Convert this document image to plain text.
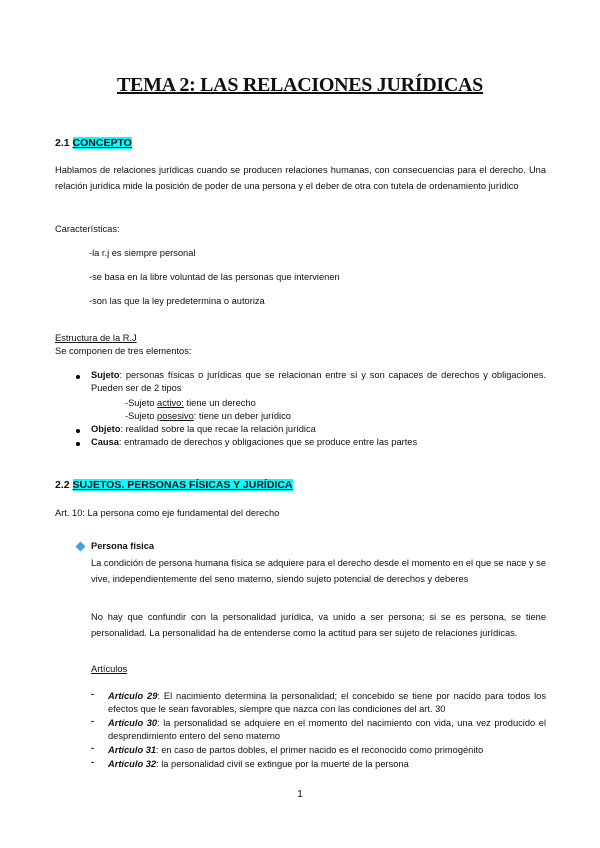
TEMA 2: LAS RELACIONES JURÍDICAS
2.1 CONCEPTO
Hablamos de relaciones jurídicas cuando se producen relaciones humanas, con consecuencias para el derecho. Una relación jurídica mide la posición de poder de una persona y el deber de otra con tutela de ordenamiento jurídico
Características:
-la r.j es siempre personal
-se basa en la libre voluntad de las personas que intervienen
-son las que la ley predetermina o autoriza
Estructura de la R.J
Se componen de tres elementos:
Sujeto: personas físicas o jurídicas que se relacionan entre sí y son capaces de derechos y obligaciones. Pueden ser de 2 tipos
-Sujeto activo: tiene un derecho
-Sujeto posesivo: tiene un deber jurídico
Objeto: realidad sobre la que recae la relación jurídica
Causa: entramado de derechos y obligaciones que se produce entre las partes
2.2 SUJETOS. PERSONAS FÍSICAS Y JURÍDICA
Art. 10: La persona como eje fundamental del derecho
Persona física
La condición de persona humana física se adquiere para el derecho desde el momento en el que se nace y se vive, independientemente del seno materno, siendo sujeto potencial de derechos y deberes
No hay que confundir con la personalidad jurídica, va unido a ser persona; si se es persona, se tiene personalidad. La personalidad ha de entenderse como la actitud para ser sujeto de relaciones jurídicas.
Artículos
- Artículo 29: El nacimiento determina la personalidad; el concebido se tiene por nacido para todos los efectos que le sean favorables, siempre que nazca con las condiciones del art. 30
- Artículo 30: la personalidad se adquiere en el momento del nacimiento con vida, una vez producido el desprendimiento entero del seno materno
- Artículo 31: en caso de partos dobles, el primer nacido es el reconocido como primogénito
- Artículo 32: la personalidad civil se extingue por la muerte de la persona
1
